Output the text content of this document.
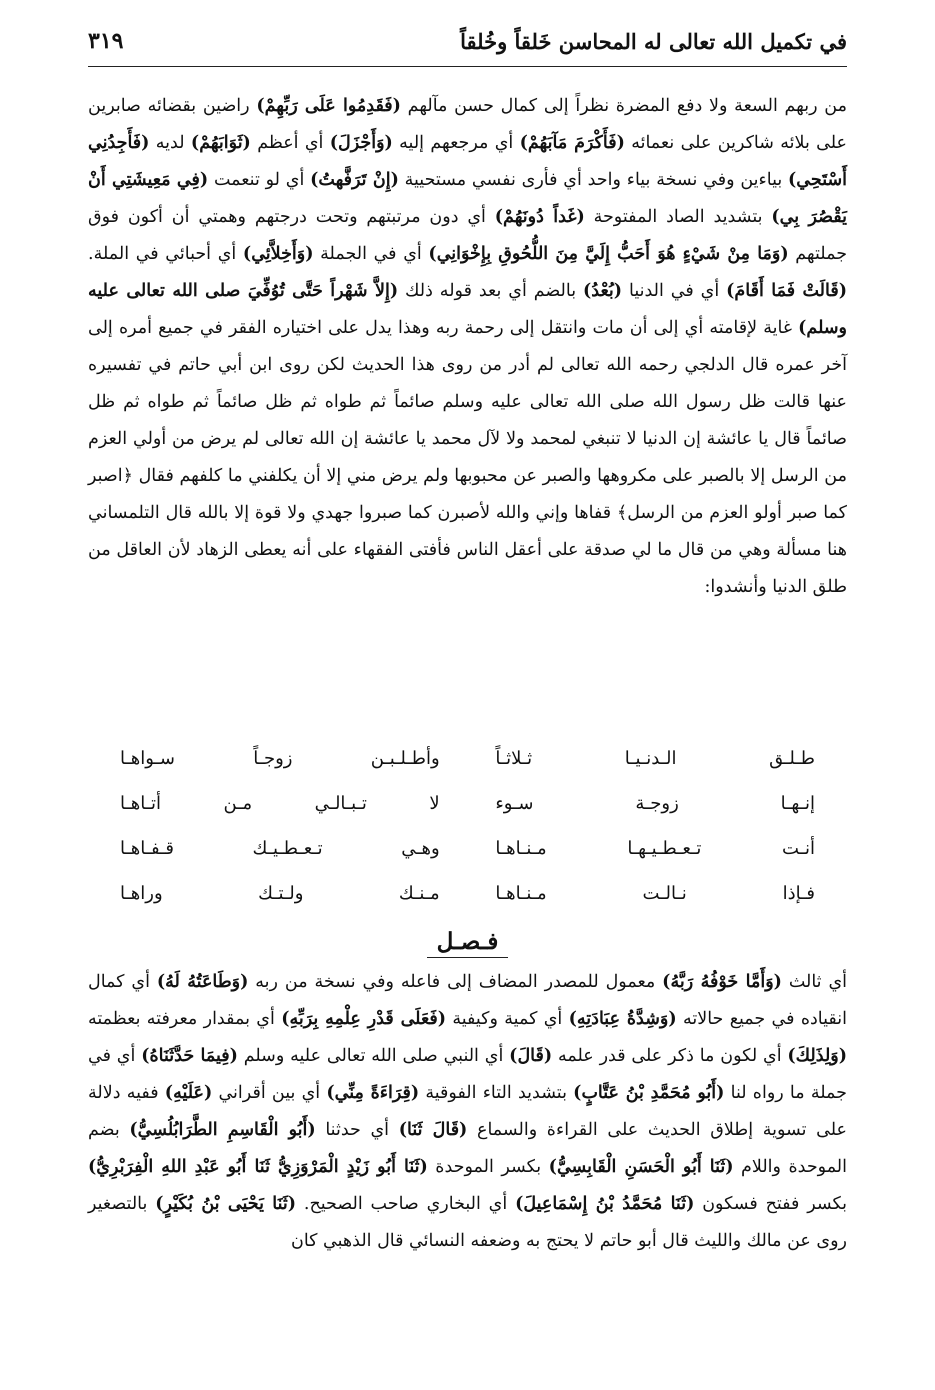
في تكميل الله تعالى له المحاسن خَلقاً وخُلقاً
٣١٩

من ربهم السعة ولا دفع المضرة نظراً إلى كمال حسن مآلهم (فَقَدِمُوا عَلَى رَبِّهِمْ) راضين بقضائه صابرين على بلائه شاكرين على نعمائه (فَأَكْرَمَ مَآبَهُمْ) أي مرجعهم إليه (وَأَجْزَلَ) أي أعظم (ثَوَابَهُمْ) لديه (فَأَجِدُنِي أَسْتَحِي) بياءين وفي نسخة بياء واحد أي فأرى نفسي مستحيية (إِنْ تَرَفَّهتُ) أي لو تنعمت (فِي مَعِيشَتِي أَنْ يَقْصُرَ بِي) بتشديد الصاد المفتوحة (غَداً دُونَهُمْ) أي دون مرتبتهم وتحت درجتهم وهمتي أن أكون فوق جملتهم (وَمَا مِنْ شَيْءٍ هُوَ أَحَبُّ إِلَيَّ مِنَ اللُّحُوقِ بِإِخْوَانِي) أي في الجملة (وَأَخِلاَّئِي) أي أحبائي في الملة. (قَالَتْ فَمَا أَقَامَ) أي في الدنيا (بُعْدُ) بالضم أي بعد قوله ذلك (إِلاَّ شَهْراً حَتَّى تُوُفِّيَ صلى الله تعالى عليه وسلم) غاية لإقامته أي إلى أن مات وانتقل إلى رحمة ربه وهذا يدل على اختياره الفقر في جميع أمره إلى آخر عمره قال الدلجي رحمه الله تعالى لم أدر من روى هذا الحديث لكن روى ابن أبي حاتم في تفسيره عنها قالت ظل رسول الله صلى الله تعالى عليه وسلم صائماً ثم طواه ثم ظل صائماً ثم طواه ثم ظل صائماً قال يا عائشة إن الدنيا لا تنبغي لمحمد ولا لآل محمد يا عائشة إن الله تعالى لم يرض من أولي العزم من الرسل إلا بالصبر على مكروهها والصبر عن محبوبها ولم يرض مني إلا أن يكلفني ما كلفهم فقال ﴿اصبر كما صبر أولو العزم من الرسل﴾ قفاها وإني والله لأصبرن كما صبروا جهدي ولا قوة إلا بالله قال التلمساني هنا مسألة وهي من قال ما لي صدقة على أعقل الناس فأفتى الفقهاء على أنه يعطى الزهاد لأن العاقل من طلق الدنيا وأنشدوا:

طـلـق الـدنـيـا ثـلاثـاً
وأطـلـبـن زوجـاً سـواهـا
إنـهـا زوجـة سـوء
لا تـبـالـي مـن أتـاهـا
أنـت تـعـطـيـهـا مـنـاهـا
وهـي تـعـطـيـك قـفـاهـا
فـإذا نـالـت مـنـاهـا
مـنـك ولـتـك وراهـا
فـصـل

أي ثالث (وَأَمَّا خَوْفُهُ رَبَّهُ) معمول للمصدر المضاف إلى فاعله وفي نسخة من ربه (وَطَاعَتُهُ لَهُ) أي كمال انقياده في جميع حالاته (وَشِدَّةُ عِبَادَتِهِ) أي كمية وكيفية (فَعَلَى قَدْرِ عِلْمِهِ بِرَبِّهِ) أي بمقدار معرفته بعظمته (وَلِذَلِكَ) أي لكون ما ذكر على قدر علمه (قَالَ) أي النبي صلى الله تعالى عليه وسلم (فِيمَا حَدَّثَنَاهُ) أي في جملة ما رواه لنا (أَبُو مُحَمَّدِ بْنُ عَتَّابٍ) بتشديد التاء الفوقية (قِرَاءَةً مِنِّي) أي بين أقراني (عَلَيْهِ) ففيه دلالة على تسوية إطلاق الحديث على القراءة والسماع (قَالَ ثَنَا) أي حدثنا (أَبُو الْقَاسِمِ الطَّرَابُلُسِيُّ) بضم الموحدة واللام (ثَنَا أَبُو الْحَسَنِ الْقَابِسِيُّ) بكسر الموحدة (ثَنَا أَبُو زَيْدٍ الْمَرْوَزِيُّ ثَنَا أَبُو عَبْدِ اللهِ الْفِرَبْرِيُّ) بكسر ففتح فسكون (ثَنَا مُحَمَّدُ بْنُ إِسْمَاعِيلَ) أي البخاري صاحب الصحيح. (ثَنَا يَحْيَى بْنُ بُكَيْرٍ) بالتصغير روى عن مالك والليث قال أبو حاتم لا يحتج به وضعفه النسائي قال الذهبي كان
